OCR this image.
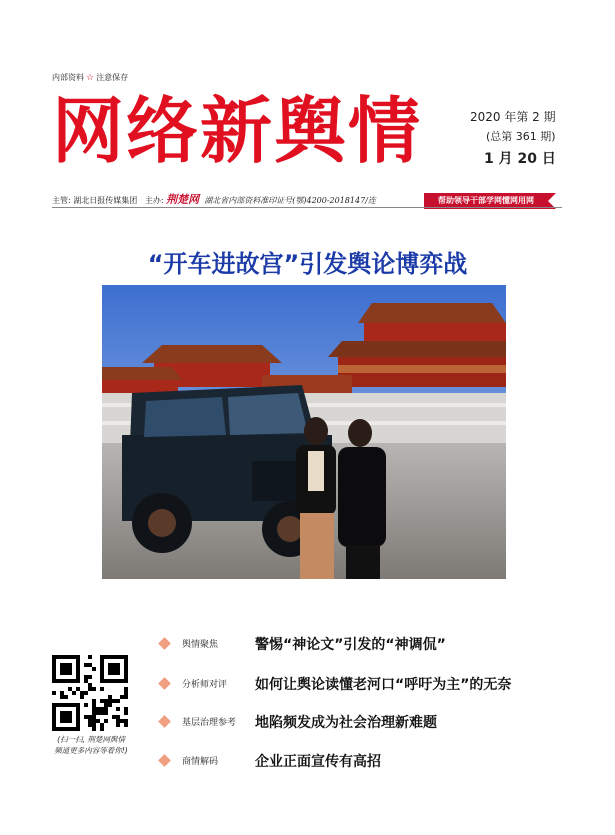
内部资料 ☆ 注意保存
网络新舆情	2020 年第 2 期
(总第 361 期)
1 月 20 日
主管: 湖北日报传媒集团 主办: 荆楚网 湖北省内部资料准印证号(鄂)4200-2018147/连	帮助领导干部学网懂网用网
“开车进故宫”引发舆论博弈战
舆情聚焦	警惕“神论文”引发的“神调侃”
分析师对评 如何让舆论读懂老河口“呼吁为主”的无奈
基层治理参考 地陷频发成为社会治理新难题
商情解码	企业正面宣传有高招
(扫一扫, 荆楚网舆情
频道更多内容等着你!)
